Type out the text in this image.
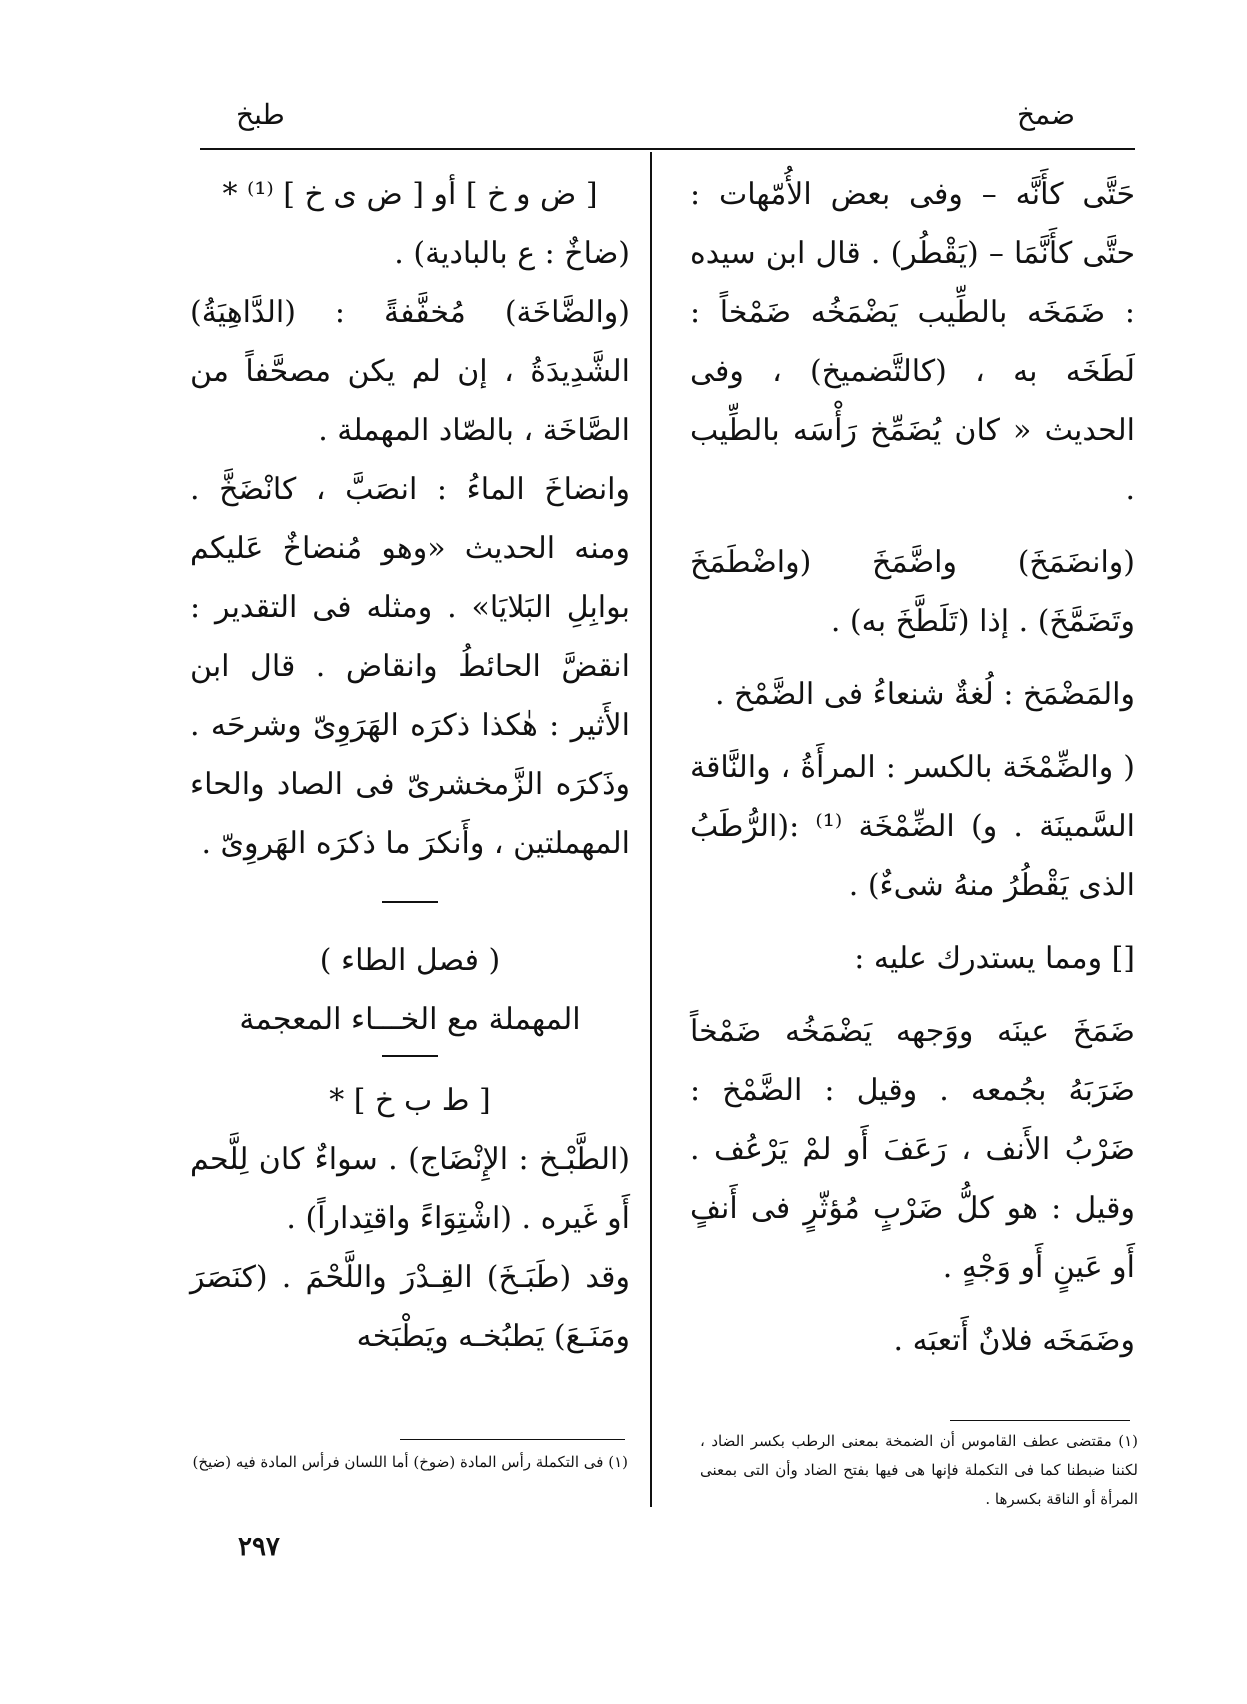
ضمخ
طبخ

حَتَّى كأَنَّه – وفى بعض الأُمّهات : حتَّى كأَنَّمَا – (يَقْطُر) . قال ابن سيده : ضَمَخَه بالطِّيب يَضْمَخُه ضَمْخاً : لَطَخَه به ، (كالتَّضميخ) ، وفى الحديث « كان يُضَمِّخ رَأْسَه بالطِّيب .

(وانضَمَخَ) واضَّمَخَ (واضْطَمَخَ وتَضَمَّخَ) . إذا (تَلَطَّخَ به) .

والمَضْمَخ : لُغةٌ شنعاءُ فى الضَّمْخ .

( والضِّمْخَة بالكسر : المرأَةُ ، والنَّاقة السَّمينَة . و) الضِّمْخَة ⁽¹⁾ :(الرُّطَبُ الذى يَقْطُرُ منهُ شىءٌ) .

[] ومما يستدرك عليه :

ضَمَخَ عينَه ووَجهه يَضْمَخُه ضَمْخاً ضَرَبَهُ بجُمعه . وقيل : الضَّمْخ : ضَرْبُ الأَنف ، رَعَفَ أَو لمْ يَرْعُف . وقيل : هو كلُّ ضَرْبٍ مُؤثّرٍ فى أَنفٍ أَو عَينٍ أَو وَجْهٍ .

وضَمَخَه فلانٌ أَتعبَه .

[ ض و خ ] أو [ ض ى خ ] ⁽¹⁾ *

(ضاخٌ : ع بالبادية) .

(والضَّاخَة) مُخفَّفةً : (الدَّاهِيَةُ) الشَّدِيدَةُ ، إن لم يكن مصحَّفاً من الصَّاخَة ، بالصّاد المهملة .

وانضاخَ الماءُ : انصَبَّ ، كانْضَخَّ . ومنه الحديث «وهو مُنضاخٌ عَليكم بوابِلِ البَلايَا» . ومثله فى التقدير : انقضَّ الحائطُ وانقاض . قال ابن الأَثير : هٰكذا ذكرَه الهَرَوِىّ وشرحَه . وذَكرَه الزَّمخشرىّ فى الصاد والحاء المهملتين ، وأَنكرَ ما ذكرَه الهَروِىّ .

( فصل الطاء )

المهملة مع الخـــاء المعجمة

[ ط ب خ ] *

(الطَّبْـخ : الإِنْضَاج) . سواءٌ كان لِلَّحم أَو غَيره . (اشْتِوَاءً واقتِداراً) .

وقد (طَبَـخَ) القِـدْرَ واللَّحْمَ . (كنَصَرَ ومَنَـعَ) يَطبُخـه ويَطْبَخه

(١) مقتضى عطف القاموس أن الضمخة بمعنى الرطب بكسر الضاد ، لكننا ضبطنا كما فى التكملة فإنها هى فيها بفتح الضاد وأن التى بمعنى المرأة أو الناقة بكسرها .
(١) فى التكملة رأس المادة (ضوخ) أما اللسان فرأس المادة فيه (ضيخ)
٢٩٧
